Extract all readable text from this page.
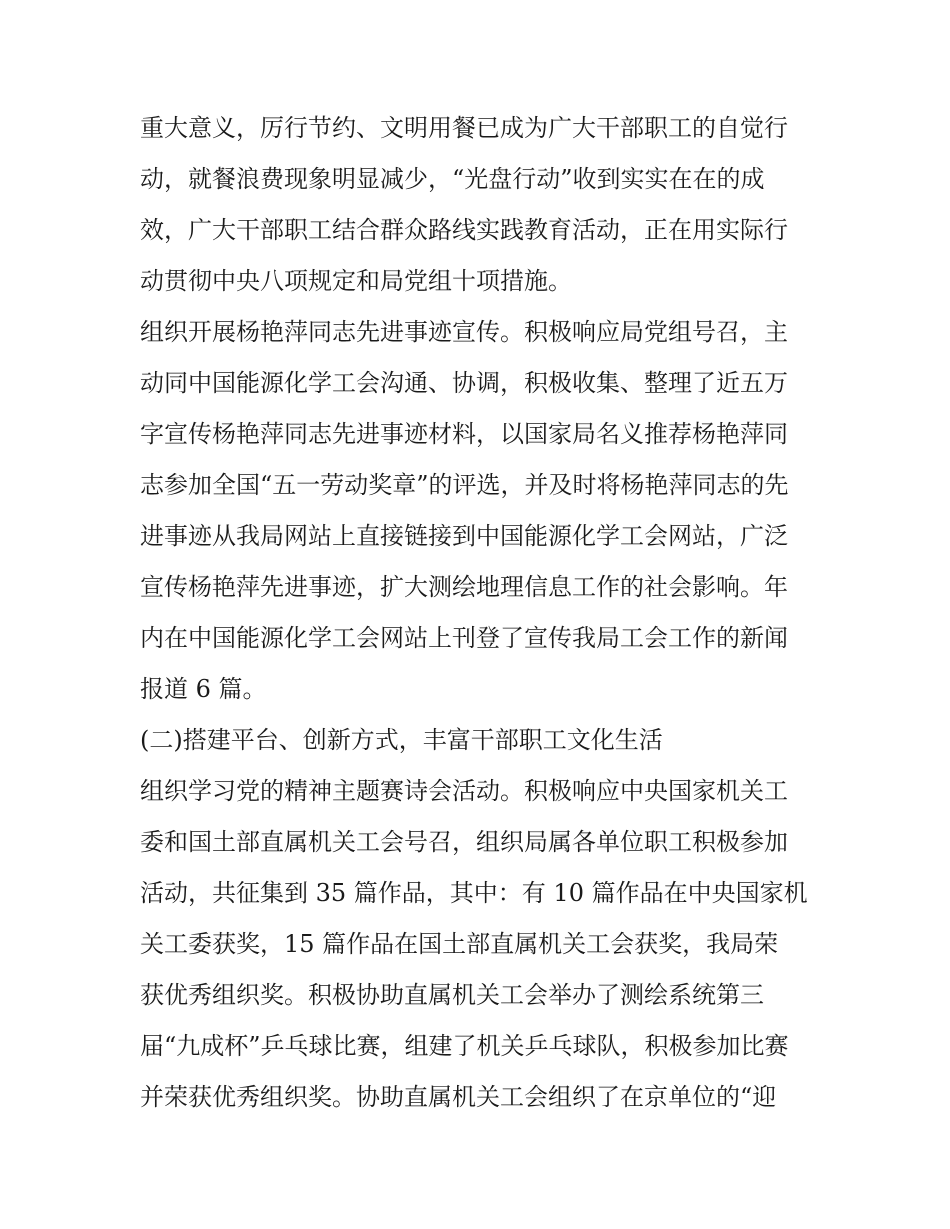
重大意义，厉行节约、文明用餐已成为广大干部职工的自觉行
动，就餐浪费现象明显减少，“光盘行动”收到实实在在的成
效，广大干部职工结合群众路线实践教育活动，正在用实际行
动贯彻中央八项规定和局党组十项措施。
组织开展杨艳萍同志先进事迹宣传。积极响应局党组号召，主
动同中国能源化学工会沟通、协调，积极收集、整理了近五万
字宣传杨艳萍同志先进事迹材料，以国家局名义推荐杨艳萍同
志参加全国“五一劳动奖章”的评选，并及时将杨艳萍同志的先
进事迹从我局网站上直接链接到中国能源化学工会网站，广泛
宣传杨艳萍先进事迹，扩大测绘地理信息工作的社会影响。年
内在中国能源化学工会网站上刊登了宣传我局工会工作的新闻
报道 6 篇。
(二)搭建平台、创新方式，丰富干部职工文化生活
组织学习党的精神主题赛诗会活动。积极响应中央国家机关工
委和国土部直属机关工会号召，组织局属各单位职工积极参加
活动，共征集到 35 篇作品，其中：有 10 篇作品在中央国家机
关工委获奖，15 篇作品在国土部直属机关工会获奖，我局荣
获优秀组织奖。积极协助直属机关工会举办了测绘系统第三
届“九成杯”乒乓球比赛，组建了机关乒乓球队，积极参加比赛
并荣获优秀组织奖。协助直属机关工会组织了在京单位的“迎
